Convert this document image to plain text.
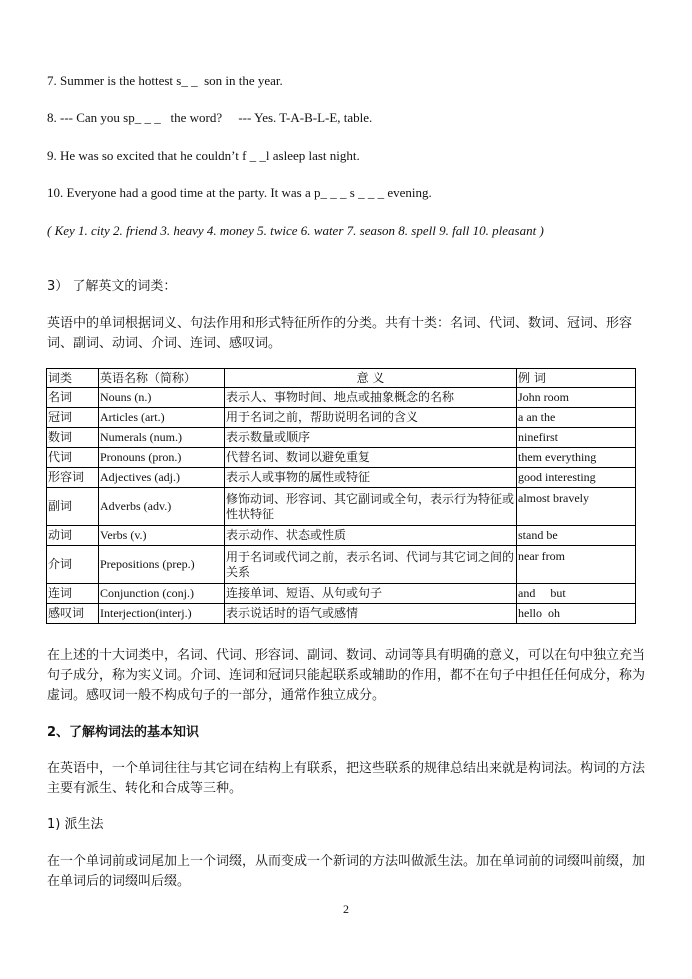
7. Summer is the hottest s_ _  son in the year.
8. --- Can you sp_ _ _   the word?     --- Yes. T-A-B-L-E, table.
9. He was so excited that he couldn’t f _ _l asleep last night.
10. Everyone had a good time at the party. It was a p_ _ _ s _ _ _ evening.
( Key 1. city 2. friend 3. heavy 4. money 5. twice 6. water 7. season 8. spell 9. fall 10. pleasant )
3） 了解英文的词类：
英语中的单词根据词义、句法作用和形式特征所作的分类。共有十类：名词、代词、数词、冠词、形容词、副词、动词、介词、连词、感叹词。
词类	英语名称（简称）	意 义	例 词
名词	Nouns (n.)	表示人、事物时间、地点或抽象概念的名称	John room
冠词	Articles (art.)	用于名词之前，帮助说明名词的含义	a an the
数词	Numerals (num.)	表示数量或顺序	ninefirst
代词	Pronouns (pron.)	代替名词、数词以避免重复	them everything
形容词	Adjectives (adj.)	表示人或事物的属性或特征	good interesting
副词	Adverbs (adv.)	修饰动词、形容词、其它副词或全句，表示行为特征或性状特征	almost bravely
动词	Verbs (v.)	表示动作、状态或性质	stand be
介词	Prepositions (prep.)	用于名词或代词之前，表示名词、代词与其它词之间的关系	near from
连词	Conjunction (conj.)	连接单词、短语、从句或句子	and     but
感叹词	Interjection(interj.)	表示说话时的语气或感情	hello  oh
在上述的十大词类中，名词、代词、形容词、副词、数词、动词等具有明确的意义，可以在句中独立充当句子成分，称为实义词。介词、连词和冠词只能起联系或辅助的作用，都不在句子中担任任何成分，称为虚词。感叹词一般不构成句子的一部分，通常作独立成分。
2、了解构词法的基本知识
在英语中，一个单词往往与其它词在结构上有联系，把这些联系的规律总结出来就是构词法。构词的方法主要有派生、转化和合成等三种。
1) 派生法
在一个单词前或词尾加上一个词缀，从而变成一个新词的方法叫做派生法。加在单词前的词缀叫前缀，加在单词后的词缀叫后缀。
2
